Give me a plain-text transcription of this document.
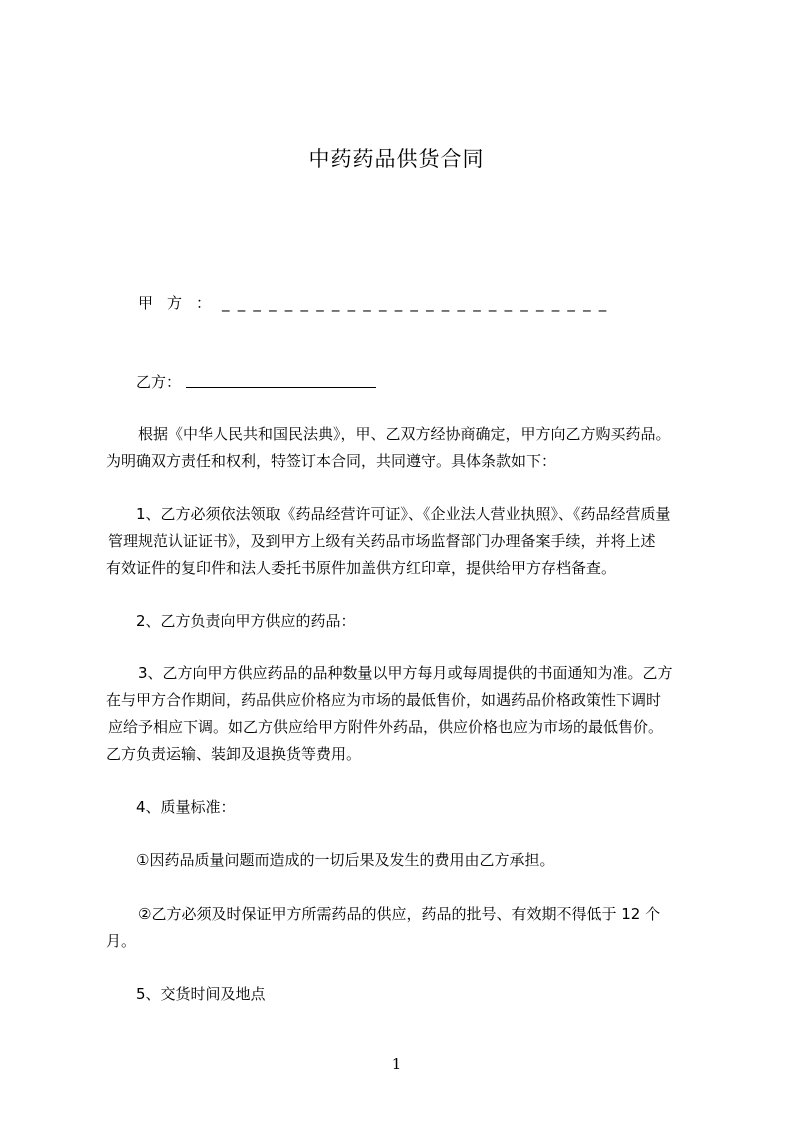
中药药品供货合同
甲方：
_________________________
乙方：
根据《中华人民共和国民法典》，甲、乙双方经协商确定，甲方向乙方购买药品。
为明确双方责任和权利，特签订本合同，共同遵守。具体条款如下：
1、乙方必须依法领取《药品经营许可证》、《企业法人营业执照》、《药品经营质量
管理规范认证证书》，及到甲方上级有关药品市场监督部门办理备案手续，并将上述
有效证件的复印件和法人委托书原件加盖供方红印章，提供给甲方存档备查。
2、乙方负责向甲方供应的药品：
3、乙方向甲方供应药品的品种数量以甲方每月或每周提供的书面通知为准。乙方
在与甲方合作期间，药品供应价格应为市场的最低售价，如遇药品价格政策性下调时
应给予相应下调。如乙方供应给甲方附件外药品，供应价格也应为市场的最低售价。
乙方负责运输、装卸及退换货等费用。
4、质量标准：
①因药品质量问题而造成的一切后果及发生的费用由乙方承担。
②乙方必须及时保证甲方所需药品的供应，药品的批号、有效期不得低于 12 个
月。
5、交货时间及地点
1
